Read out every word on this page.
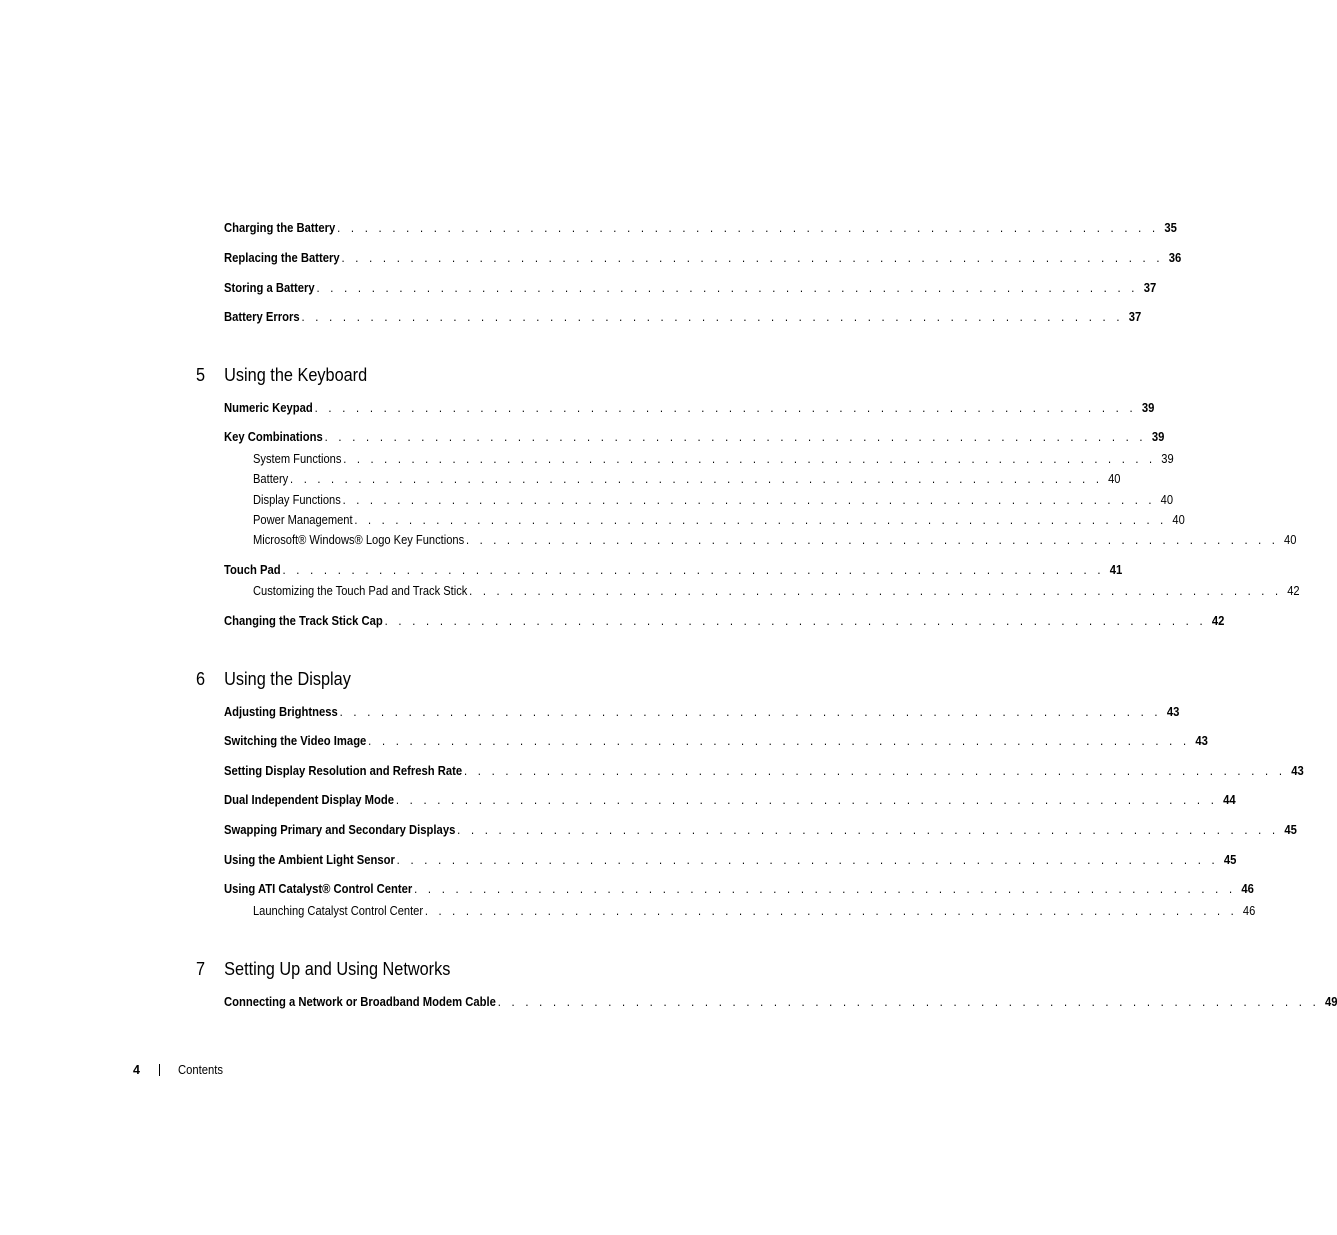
Charging the Battery . . . . . . . . . . . . . . . . . . . . . . . . . . . . . . . . . . . . . . . . . . . . . . . . . . . . . . . . . . . . 35
Replacing the Battery . . . . . . . . . . . . . . . . . . . . . . . . . . . . . . . . . . . . . . . . . . . . . . . . . . . . . . . . . . . . 36
Storing a Battery . . . . . . . . . . . . . . . . . . . . . . . . . . . . . . . . . . . . . . . . . . . . . . . . . . . . . . . . . . . . 37
Battery Errors . . . . . . . . . . . . . . . . . . . . . . . . . . . . . . . . . . . . . . . . . . . . . . . . . . . . . . . . . . . . 37
5 Using the Keyboard
Numeric Keypad . . . . . . . . . . . . . . . . . . . . . . . . . . . . . . . . . . . . . . . . . . . . . . . . . . . . . . . . . . . . 39
Key Combinations . . . . . . . . . . . . . . . . . . . . . . . . . . . . . . . . . . . . . . . . . . . . . . . . . . . . . . . . . . . . 39
System Functions . . . . . . . . . . . . . . . . . . . . . . . . . . . . . . . . . . . . . . . . . . . . . . . . . . . . . . . . . . . . 39
Battery . . . . . . . . . . . . . . . . . . . . . . . . . . . . . . . . . . . . . . . . . . . . . . . . . . . . . . . . . . . . 40
Display Functions . . . . . . . . . . . . . . . . . . . . . . . . . . . . . . . . . . . . . . . . . . . . . . . . . . . . . . . . . . . . 40
Power Management . . . . . . . . . . . . . . . . . . . . . . . . . . . . . . . . . . . . . . . . . . . . . . . . . . . . . . . . . . . . 40
Microsoft® Windows® Logo Key Functions . . . . . . . . . . . . . . . . . . . . . . . . . . . . . . . . . . . . . . . . . . . . . . . . . . . . . . . . . . . . 40
Touch Pad . . . . . . . . . . . . . . . . . . . . . . . . . . . . . . . . . . . . . . . . . . . . . . . . . . . . . . . . . . . . 41
Customizing the Touch Pad and Track Stick . . . . . . . . . . . . . . . . . . . . . . . . . . . . . . . . . . . . . . . . . . . . . . . . . . . . . . . . . . . . 42
Changing the Track Stick Cap . . . . . . . . . . . . . . . . . . . . . . . . . . . . . . . . . . . . . . . . . . . . . . . . . . . . . . . . . . . . 42
6 Using the Display
Adjusting Brightness . . . . . . . . . . . . . . . . . . . . . . . . . . . . . . . . . . . . . . . . . . . . . . . . . . . . . . . . . . . . 43
Switching the Video Image . . . . . . . . . . . . . . . . . . . . . . . . . . . . . . . . . . . . . . . . . . . . . . . . . . . . . . . . . . . . 43
Setting Display Resolution and Refresh Rate . . . . . . . . . . . . . . . . . . . . . . . . . . . . . . . . . . . . . . . . . . . . . . . . . . . . . . . . . . . . 43
Dual Independent Display Mode . . . . . . . . . . . . . . . . . . . . . . . . . . . . . . . . . . . . . . . . . . . . . . . . . . . . . . . . . . . . 44
Swapping Primary and Secondary Displays . . . . . . . . . . . . . . . . . . . . . . . . . . . . . . . . . . . . . . . . . . . . . . . . . . . . . . . . . . . . 45
Using the Ambient Light Sensor . . . . . . . . . . . . . . . . . . . . . . . . . . . . . . . . . . . . . . . . . . . . . . . . . . . . . . . . . . . . 45
Using ATI Catalyst® Control Center . . . . . . . . . . . . . . . . . . . . . . . . . . . . . . . . . . . . . . . . . . . . . . . . . . . . . . . . . . . . 46
Launching Catalyst Control Center . . . . . . . . . . . . . . . . . . . . . . . . . . . . . . . . . . . . . . . . . . . . . . . . . . . . . . . . . . . . 46
7 Setting Up and Using Networks
Connecting a Network or Broadband Modem Cable . . . . . . . . . . . . . . . . . . . . . . . . . . . . . . . . . . . . . . . . . . . . . . . . . . . . . . . . . . . . 49
4	Contents
